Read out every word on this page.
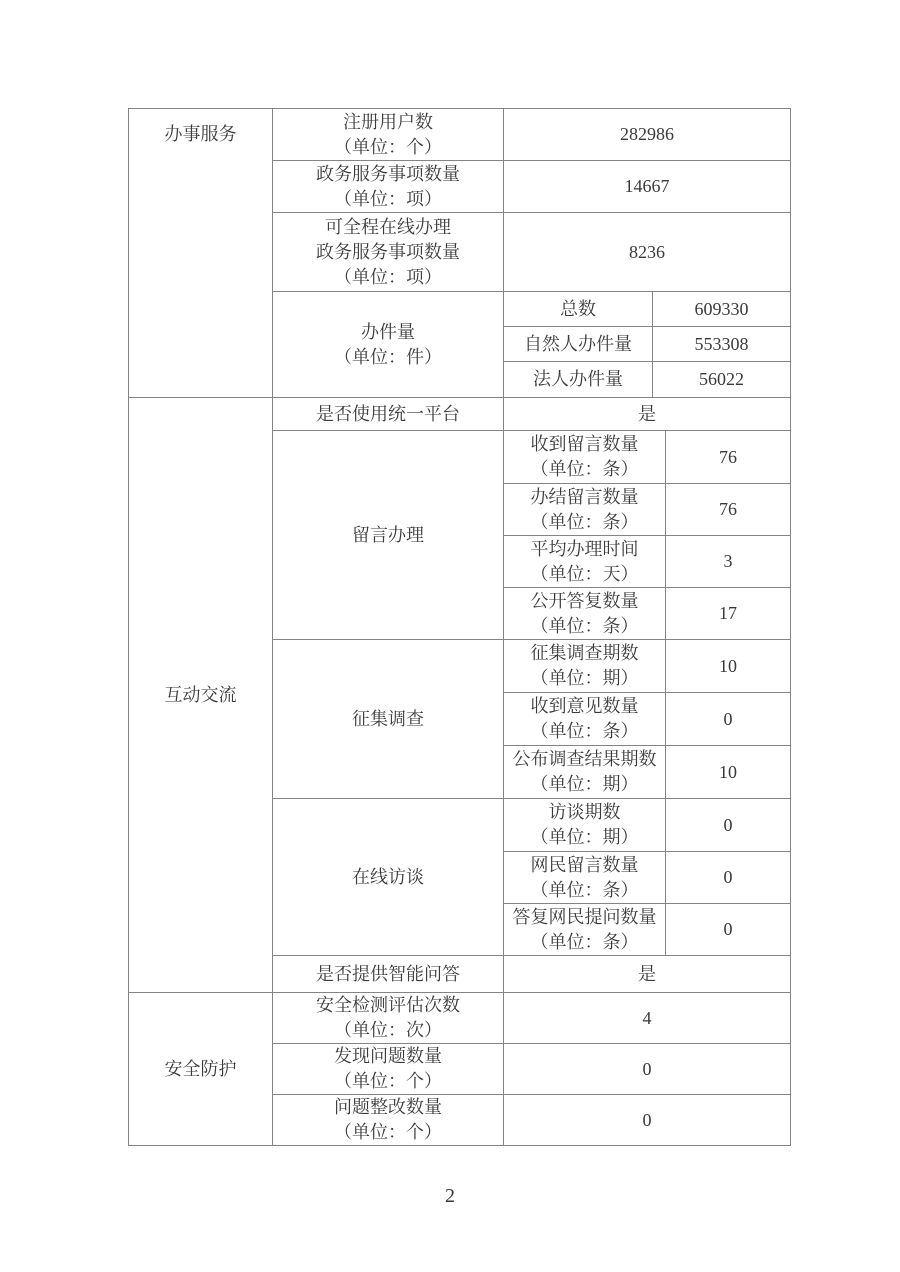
办事服务	注册用户数
（单位：个）	282986		

	政务服务事项数量
（单位：项）	14667		

	可全程在线办理
政务服务事项数量
（单位：项）	8236		

	办件量
（单位：件）	总数	609330	

		自然人办件量	553308	

		法人办件量	56022	

互动交流	是否使用统一平台	是		

	留言办理	收到留言数量
（单位：条）		76

		办结留言数量
（单位：条）		76

		平均办理时间
（单位：天）		3

		公开答复数量
（单位：条）		17

	征集调查	征集调查期数
（单位：期）		10

		收到意见数量
（单位：条）		0

		公布调查结果期数
（单位：期）		10

	在线访谈	访谈期数
（单位：期）		0

		网民留言数量
（单位：条）		0

		答复网民提问数量
（单位：条）		0

	是否提供智能问答	是		

安全防护	安全检测评估次数
（单位：次）	4		

	发现问题数量
（单位：个）	0		

	问题整改数量
（单位：个）	0		
2
